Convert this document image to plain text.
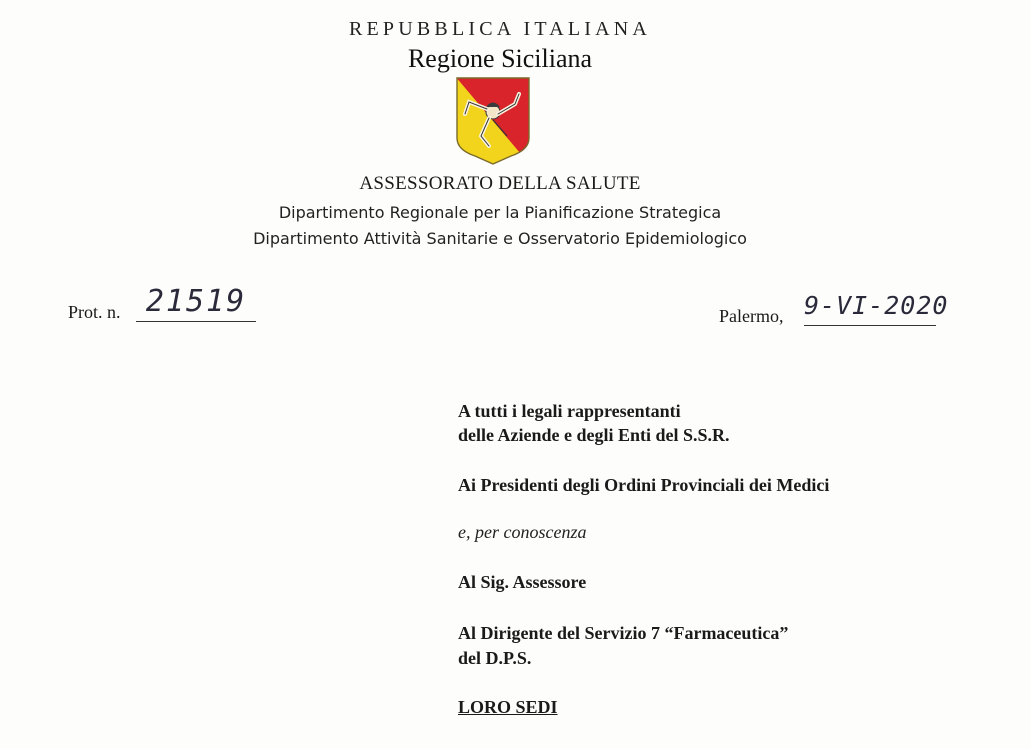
REPUBBLICA ITALIANA
Regione Siciliana
ASSESSORATO DELLA SALUTE
Dipartimento Regionale per la Pianificazione Strategica
Dipartimento Attività Sanitarie e Osservatorio Epidemiologico
Prot. n. 21519	Palermo, 9-VI-2020
A tutti i legali rappresentanti
delle Aziende e degli Enti del S.S.R.
Ai Presidenti degli Ordini Provinciali dei Medici
e, per conoscenza
Al Sig. Assessore
Al Dirigente del Servizio 7 “Farmaceutica”
del D.P.S.
LORO SEDI
